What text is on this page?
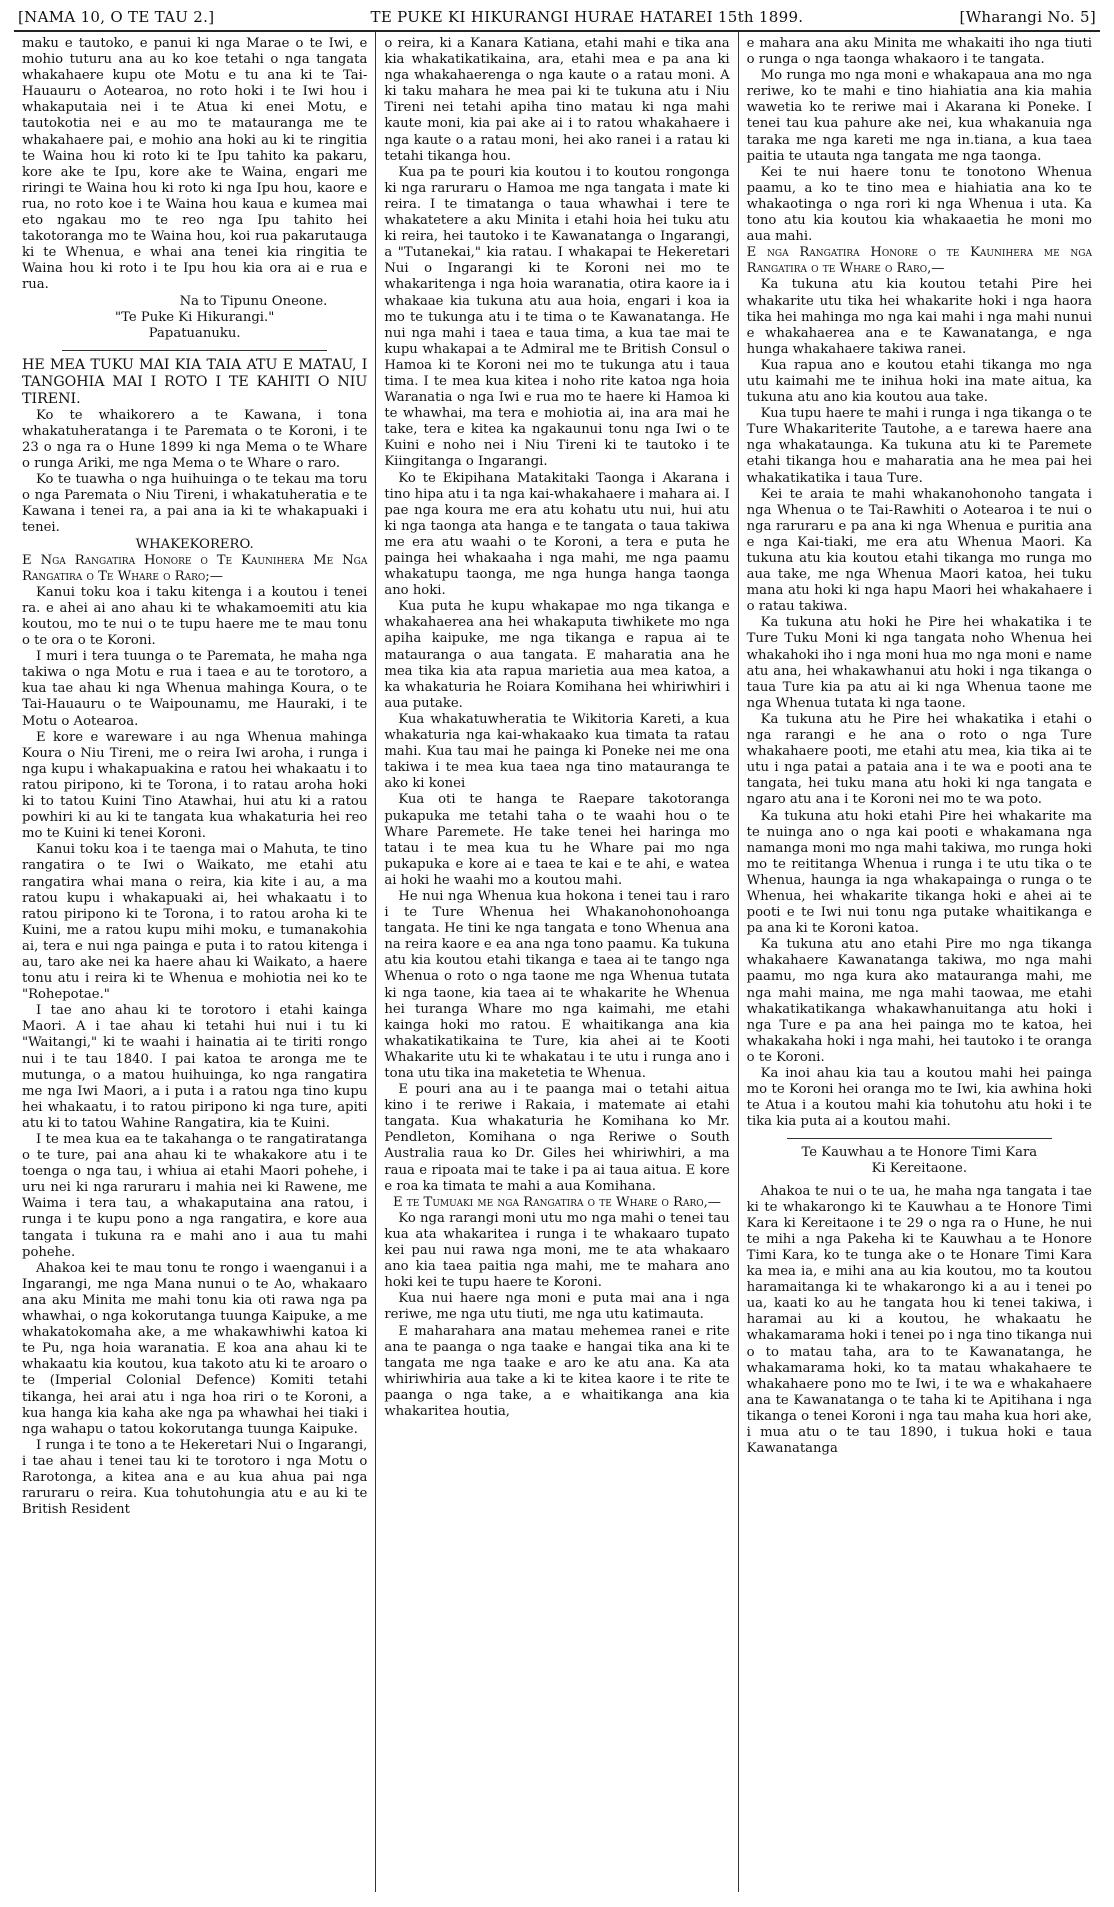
[NAMA 10, O TE TAU 2.]	TE PUKE KI HIKURANGI HURAE HATAREI 15th 1899.	[Wharangi No. 5]

maku e tautoko, e panui ki nga Marae o te Iwi, e mohio tuturu ana au ko koe tetahi o nga tangata whakahaere kupu ote Motu e tu ana ki te Tai-Hauauru o Aotearoa, no roto hoki i te Iwi hou i whakaputaia nei i te Atua ki enei Motu, e tautokotia nei e au mo te matauranga me te whakahaere pai, e mohio ana hoki au ki te ringitia te Waina hou ki roto ki te Ipu tahito ka pakaru, kore ake te Ipu, kore ake te Waina, engari me riringi te Waina hou ki roto ki nga Ipu hou, kaore e rua, no roto koe i te Waina hou kaua e kumea mai eto ngakau mo te reo nga Ipu tahito hei takotoranga mo te Waina hou, koi rua pakarutauga ki te Whenua, e whai ana tenei kia ringitia te Waina hou ki roto i te Ipu hou kia ora ai e rua e rua.

Na to Tipunu Oneone.

"Te Puke Ki Hikurangi."

Papatuanuku.

HE MEA TUKU MAI KIA TAIA ATU E MATAU, I TANGOHIA MAI I ROTO I TE KAHITI O NIU TIRENI.

Ko te whaikorero a te Kawana, i tona whakatuheratanga i te Paremata o te Koroni, i te 23 o nga ra o Hune 1899 ki nga Mema o te Whare o runga Ariki, me nga Mema o te Whare o raro.

Ko te tuawha o nga huihuinga o te tekau ma toru o nga Paremata o Niu Tireni, i whakatuheratia e te Kawana i tenei ra, a pai ana ia ki te whakapuaki i tenei.

WHAKEKORERO.

E Nga Rangatira Honore o Te Kaunihera Me Nga Rangatira o Te Whare o Raro;—

Kanui toku koa i taku kitenga i a koutou i tenei ra. e ahei ai ano ahau ki te whakamoemiti atu kia koutou, mo te nui o te tupu haere me te mau tonu o te ora o te Koroni.

I muri i tera tuunga o te Paremata, he maha nga takiwa o nga Motu e rua i taea e au te torotoro, a kua tae ahau ki nga Whenua mahinga Koura, o te Tai-Hauauru o te Waipounamu, me Hauraki, i te Motu o Aotearoa.

E kore e wareware i au nga Whenua mahinga Koura o Niu Tireni, me o reira Iwi aroha, i runga i nga kupu i whakapuakina e ratou hei whakaatu i to ratou piripono, ki te Torona, i to ratau aroha hoki ki to tatou Kuini Tino Atawhai, hui atu ki a ratou powhiri ki au ki te tangata kua whakaturia hei reo mo te Kuini ki tenei Koroni.

Kanui toku koa i te taenga mai o Mahuta, te tino rangatira o te Iwi o Waikato, me etahi atu rangatira whai mana o reira, kia kite i au, a ma ratou kupu i whakapuaki ai, hei whakaatu i to ratou piripono ki te Torona, i to ratou aroha ki te Kuini, me a ratou kupu mihi moku, e tumanakohia ai, tera e nui nga painga e puta i to ratou kitenga i au, taro ake nei ka haere ahau ki Waikato, a haere tonu atu i reira ki te Whenua e mohiotia nei ko te "Rohepotae."

I tae ano ahau ki te torotoro i etahi kainga Maori. A i tae ahau ki tetahi hui nui i tu ki "Waitangi," ki te waahi i hainatia ai te tiriti rongo nui i te tau 1840. I pai katoa te aronga me te mutunga, o a matou huihuinga, ko nga rangatira me nga Iwi Maori, a i puta i a ratou nga tino kupu hei whakaatu, i to ratou piripono ki nga ture, apiti atu ki to tatou Wahine Rangatira, kia te Kuini.

I te mea kua ea te takahanga o te rangatiratanga o te ture, pai ana ahau ki te whakakore atu i te toenga o nga tau, i whiua ai etahi Maori pohehe, i uru nei ki nga raruraru i mahia nei ki Rawene, me Waima i tera tau, a whakaputaina ana ratou, i runga i te kupu pono a nga rangatira, e kore aua tangata i tukuna ra e mahi ano i aua tu mahi pohehe.

Ahakoa kei te mau tonu te rongo i waenganui i a Ingarangi, me nga Mana nunui o te Ao, whakaaro ana aku Minita me mahi tonu kia oti rawa nga pa whawhai, o nga kokorutanga tuunga Kaipuke, a me whakatokomaha ake, a me whakawhiwhi katoa ki te Pu, nga hoia waranatia. E koa ana ahau ki te whakaatu kia koutou, kua takoto atu ki te aroaro o te (Imperial Colonial Defence) Komiti tetahi tikanga, hei arai atu i nga hoa riri o te Koroni, a kua hanga kia kaha ake nga pa whawhai hei tiaki i nga wahapu o tatou kokorutanga tuunga Kaipuke.

I runga i te tono a te Hekeretari Nui o Ingarangi, i tae ahau i tenei tau ki te torotoro i nga Motu o Rarotonga, a kitea ana e au kua ahua pai nga raruraru o reira. Kua tohutohungia atu e au ki te British Resident

o reira, ki a Kanara Katiana, etahi mahi e tika ana kia whakatikatikaina, ara, etahi mea e pa ana ki nga whakahaerenga o nga kaute o a ratau moni. A ki taku mahara he mea pai ki te tukuna atu i Niu Tireni nei tetahi apiha tino matau ki nga mahi kaute moni, kia pai ake ai i to ratou whakahaere i nga kaute o a ratau moni, hei ako ranei i a ratau ki tetahi tikanga hou.

Kua pa te pouri kia koutou i to koutou rongonga ki nga raruraru o Hamoa me nga tangata i mate ki reira. I te timatanga o taua whawhai i tere te whakatetere a aku Minita i etahi hoia hei tuku atu ki reira, hei tautoko i te Kawanatanga o Ingarangi, a "Tutanekai," kia ratau. I whakapai te Hekeretari Nui o Ingarangi ki te Koroni nei mo te whakaritenga i nga hoia waranatia, otira kaore ia i whakaae kia tukuna atu aua hoia, engari i koa ia mo te tukunga atu i te tima o te Kawanatanga. He nui nga mahi i taea e taua tima, a kua tae mai te kupu whakapai a te Admiral me te British Consul o Hamoa ki te Koroni nei mo te tukunga atu i taua tima. I te mea kua kitea i noho rite katoa nga hoia Waranatia o nga Iwi e rua mo te haere ki Hamoa ki te whawhai, ma tera e mohiotia ai, ina ara mai he take, tera e kitea ka ngakaunui tonu nga Iwi o te Kuini e noho nei i Niu Tireni ki te tautoko i te Kiingitanga o Ingarangi.

Ko te Ekipihana Matakitaki Taonga i Akarana i tino hipa atu i ta nga kai-whakahaere i mahara ai. I pae nga koura me era atu kohatu utu nui, hui atu ki nga taonga ata hanga e te tangata o taua takiwa me era atu waahi o te Koroni, a tera e puta he painga hei whakaaha i nga mahi, me nga paamu whakatupu taonga, me nga hunga hanga taonga ano hoki.

Kua puta he kupu whakapae mo nga tikanga e whakahaerea ana hei whakaputa tiwhikete mo nga apiha kaipuke, me nga tikanga e rapua ai te matauranga o aua tangata. E maharatia ana he mea tika kia ata rapua marietia aua mea katoa, a ka whakaturia he Roiara Komihana hei whiriwhiri i aua putake.

Kua whakatuwheratia te Wikitoria Kareti, a kua whakaturia nga kai-whakaako kua timata ta ratau mahi. Kua tau mai he painga ki Poneke nei me ona takiwa i te mea kua taea nga tino matauranga te ako ki konei

Kua oti te hanga te Raepare takotoranga pukapuka me tetahi taha o te waahi hou o te Whare Paremete. He take tenei hei haringa mo tatau i te mea kua tu he Whare pai mo nga pukapuka e kore ai e taea te kai e te ahi, e watea ai hoki he waahi mo a koutou mahi.

He nui nga Whenua kua hokona i tenei tau i raro i te Ture Whenua hei Whakanohonohoanga tangata. He tini ke nga tangata e tono Whenua ana na reira kaore e ea ana nga tono paamu. Ka tukuna atu kia koutou etahi tikanga e taea ai te tango nga Whenua o roto o nga taone me nga Whenua tutata ki nga taone, kia taea ai te whakarite he Whenua hei turanga Whare mo nga kaimahi, me etahi kainga hoki mo ratou. E whaitikanga ana kia whakatikatikaina te Ture, kia ahei ai te Kooti Whakarite utu ki te whakatau i te utu i runga ano i tona utu tika ina maketetia te Whenua.

E pouri ana au i te paanga mai o tetahi aitua kino i te reriwe i Rakaia, i matemate ai etahi tangata. Kua whakaturia he Komihana ko Mr. Pendleton, Komihana o nga Reriwe o South Australia raua ko Dr. Giles hei whiriwhiri, a ma raua e ripoata mai te take i pa ai taua aitua. E kore e roa ka timata te mahi a aua Komihana.

E te Tumuaki me nga Rangatira o te Whare o Raro,—

Ko nga rarangi moni utu mo nga mahi o tenei tau kua ata whakaritea i runga i te whakaaro tupato kei pau nui rawa nga moni, me te ata whakaaro ano kia taea paitia nga mahi, me te mahara ano hoki kei te tupu haere te Koroni.

Kua nui haere nga moni e puta mai ana i nga reriwe, me nga utu tiuti, me nga utu katimauta.

E maharahara ana matau mehemea ranei e rite ana te paanga o nga taake e hangai tika ana ki te tangata me nga taake e aro ke atu ana. Ka ata whiriwhiria aua take a ki te kitea kaore i te rite te paanga o nga take, a e whaitikanga ana kia whakaritea houtia,

e mahara ana aku Minita me whakaiti iho nga tiuti o runga o nga taonga whakaoro i te tangata.

Mo runga mo nga moni e whakapaua ana mo nga reriwe, ko te mahi e tino hiahiatia ana kia mahia wawetia ko te reriwe mai i Akarana ki Poneke. I tenei tau kua pahure ake nei, kua whakanuia nga taraka me nga kareti me nga in.tiana, a kua taea paitia te utauta nga tangata me nga taonga.

Kei te nui haere tonu te tonotono Whenua paamu, a ko te tino mea e hiahiatia ana ko te whakaotinga o nga rori ki nga Whenua i uta. Ka tono atu kia koutou kia whakaaetia he moni mo aua mahi.

E nga Rangatira Honore o te Kaunihera me nga Rangatira o te Whare o Raro,—

Ka tukuna atu kia koutou tetahi Pire hei whakarite utu tika hei whakarite hoki i nga haora tika hei mahinga mo nga kai mahi i nga mahi nunui e whakahaerea ana e te Kawanatanga, e nga hunga whakahaere takiwa ranei.

Kua rapua ano e koutou etahi tikanga mo nga utu kaimahi me te inihua hoki ina mate aitua, ka tukuna atu ano kia koutou aua take.

Kua tupu haere te mahi i runga i nga tikanga o te Ture Whakariterite Tautohe, a e tarewa haere ana nga whakataunga. Ka tukuna atu ki te Paremete etahi tikanga hou e maharatia ana he mea pai hei whakatikatika i taua Ture.

Kei te araia te mahi whakanohonoho tangata i nga Whenua o te Tai-Rawhiti o Aotearoa i te nui o nga raruraru e pa ana ki nga Whenua e puritia ana e nga Kai-tiaki, me era atu Whenua Maori. Ka tukuna atu kia koutou etahi tikanga mo runga mo aua take, me nga Whenua Maori katoa, hei tuku mana atu hoki ki nga hapu Maori hei whakahaere i o ratau takiwa.

Ka tukuna atu hoki he Pire hei whakatika i te Ture Tuku Moni ki nga tangata noho Whenua hei whakahoki iho i nga moni hua mo nga moni e name atu ana, hei whakawhanui atu hoki i nga tikanga o taua Ture kia pa atu ai ki nga Whenua taone me nga Whenua tutata ki nga taone.

Ka tukuna atu he Pire hei whakatika i etahi o nga rarangi e he ana o roto o nga Ture whakahaere pooti, me etahi atu mea, kia tika ai te utu i nga patai a pataia ana i te wa e pooti ana te tangata, hei tuku mana atu hoki ki nga tangata e ngaro atu ana i te Koroni nei mo te wa poto.

Ka tukuna atu hoki etahi Pire hei whakarite ma te nuinga ano o nga kai pooti e whakamana nga namanga moni mo nga mahi takiwa, mo runga hoki mo te reititanga Whenua i runga i te utu tika o te Whenua, haunga ia nga whakapainga o runga o te Whenua, hei whakarite tikanga hoki e ahei ai te pooti e te Iwi nui tonu nga putake whaitikanga e pa ana ki te Koroni katoa.

Ka tukuna atu ano etahi Pire mo nga tikanga whakahaere Kawanatanga takiwa, mo nga mahi paamu, mo nga kura ako matauranga mahi, me nga mahi maina, me nga mahi taowaa, me etahi whakatikatikanga whakawhanuitanga atu hoki i nga Ture e pa ana hei painga mo te katoa, hei whakakaha hoki i nga mahi, hei tautoko i te oranga o te Koroni.

Ka inoi ahau kia tau a koutou mahi hei painga mo te Koroni hei oranga mo te Iwi, kia awhina hoki te Atua i a koutou mahi kia tohutohu atu hoki i te tika kia puta ai a koutou mahi.

Te Kauwhau a te Honore Timi Kara

Ki Kereitaone.

Ahakoa te nui o te ua, he maha nga tangata i tae ki te whakarongo ki te Kauwhau a te Honore Timi Kara ki Kereitaone i te 29 o nga ra o Hune, he nui te mihi a nga Pakeha ki te Kauwhau a te Honore Timi Kara, ko te tunga ake o te Honare Timi Kara ka mea ia, e mihi ana au kia koutou, mo ta koutou haramaitanga ki te whakarongo ki a au i tenei po ua, kaati ko au he tangata hou ki tenei takiwa, i haramai au ki a koutou, he whakaatu he whakamarama hoki i tenei po i nga tino tikanga nui o to matau taha, ara to te Kawanatanga, he whakamarama hoki, ko ta matau whakahaere te whakahaere pono mo te Iwi, i te wa e whakahaere ana te Kawanatanga o te taha ki te Apitihana i nga tikanga o tenei Koroni i nga tau maha kua hori ake, i mua atu o te tau 1890, i tukua hoki e taua Kawanatanga
